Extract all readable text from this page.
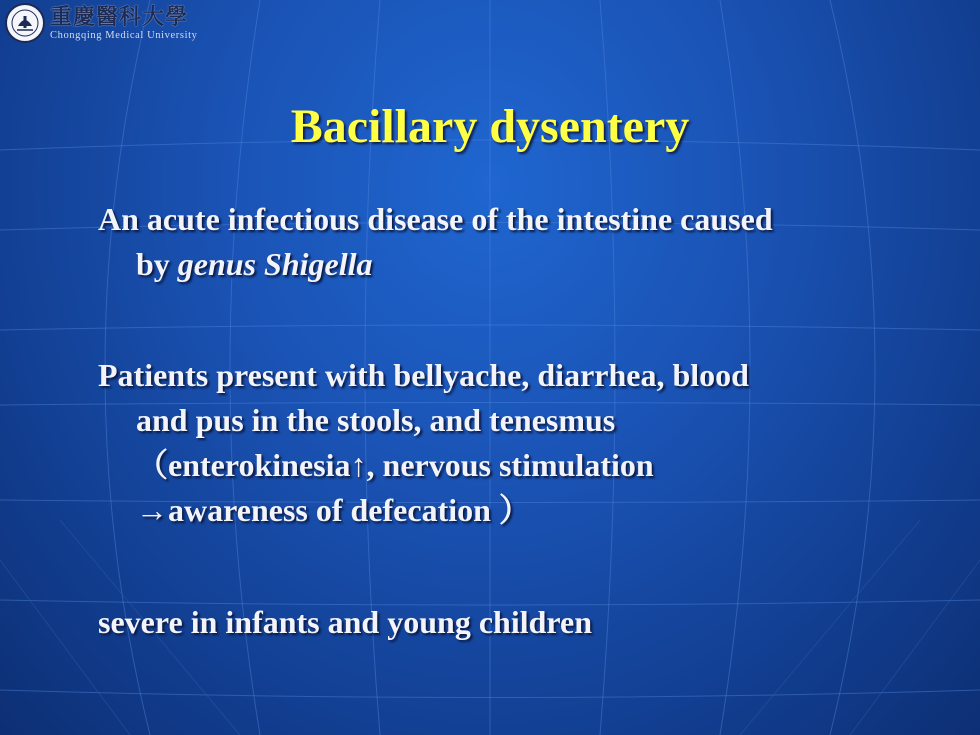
重慶醫科大學
Chongqing Medical University
Bacillary dysentery

An acute infectious disease of the intestine caused
by genus Shigella

Patients present with bellyache, diarrhea, blood
and pus in the stools, and tenesmus
（enterokinesia↑, nervous stimulation
→awareness of defecation ）

severe in infants and young children
